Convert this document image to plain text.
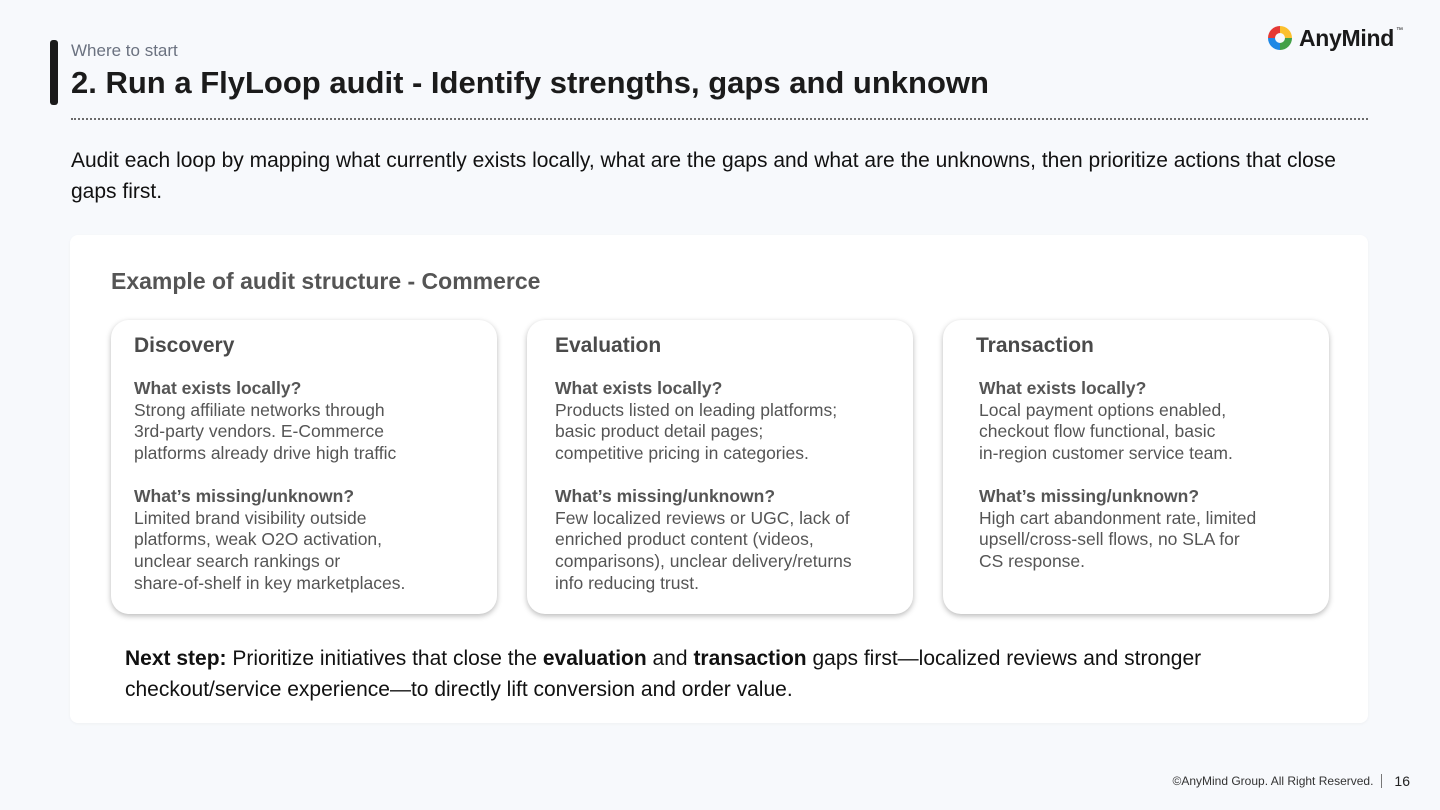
Where to start
2. Run a FlyLoop audit - Identify strengths, gaps and unknown
AnyMind ™
Audit each loop by mapping what currently exists locally, what are the gaps and what are the unknowns, then prioritize actions that close gaps first.
Example of audit structure - Commerce
Discovery
What exists locally?
Strong affiliate networks through
3rd-party vendors. E-Commerce
platforms already drive high traffic
What’s missing/unknown?
Limited brand visibility outside
platforms, weak O2O activation,
unclear search rankings or
share-of-shelf in key marketplaces.
Evaluation
What exists locally?
Products listed on leading platforms;
basic product detail pages;
competitive pricing in categories.
What’s missing/unknown?
Few localized reviews or UGC, lack of
enriched product content (videos,
comparisons), unclear delivery/returns
info reducing trust.
Transaction
What exists locally?
Local payment options enabled,
checkout flow functional, basic
in-region customer service team.
What’s missing/unknown?
High cart abandonment rate, limited
upsell/cross-sell flows, no SLA for
CS response.
Next step: Prioritize initiatives that close the evaluation and transaction gaps first—localized reviews and stronger checkout/service experience—to directly lift conversion and order value.
©AnyMind Group. All Right Reserved. 16
